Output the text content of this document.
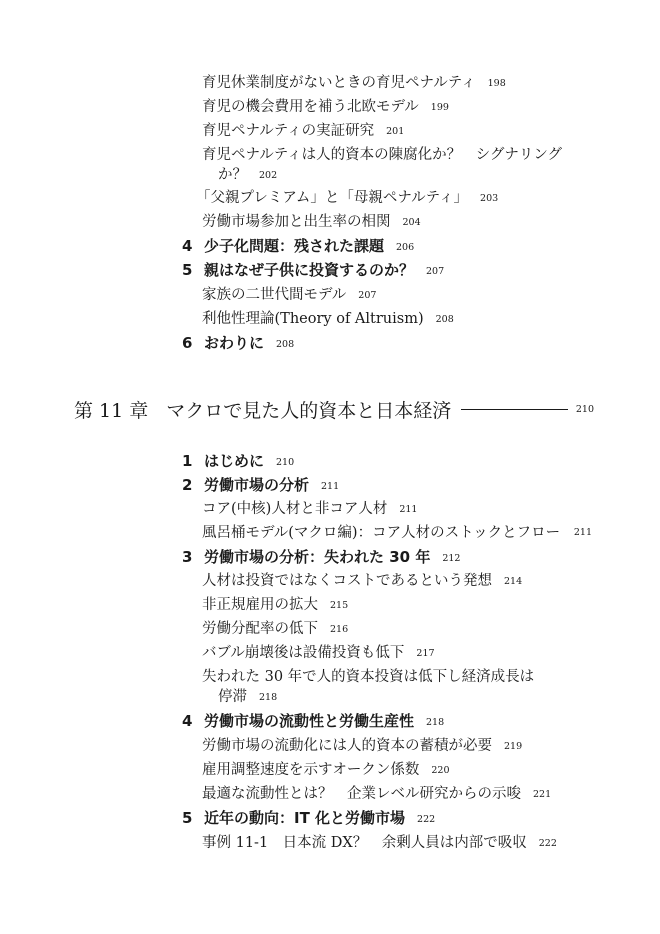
育児休業制度がないときの育児ペナルティ 198
育児の機会費用を補う北欧モデル 199
育児ペナルティの実証研究 201
育児ペナルティは人的資本の陳腐化か？　シグナリング
か？ 202
「父親プレミアム」と「母親ペナルティ」 203
労働市場参加と出生率の相関 204
4 少子化問題：残された課題 206
5 親はなぜ子供に投資するのか？ 207
家族の二世代間モデル 207
利他性理論(Theory of Altruism) 208
6 おわりに 208
第 11 章 マクロで見た人的資本と日本経済	210
1 はじめに 210
2 労働市場の分析 211
コア(中核)人材と非コア人材 211
風呂桶モデル(マクロ編)：コア人材のストックとフロー 211
3 労働市場の分析：失われた 30 年 212
人材は投資ではなくコストであるという発想 214
非正規雇用の拡大 215
労働分配率の低下 216
バブル崩壊後は設備投資も低下 217
失われた 30 年で人的資本投資は低下し経済成長は
停滞 218
4 労働市場の流動性と労働生産性 218
労働市場の流動化には人的資本の蓄積が必要 219
雇用調整速度を示すオークン係数 220
最適な流動性とは？　企業レベル研究からの示唆 221
5 近年の動向：IT 化と労働市場 222
事例 11-1　日本流 DX？　余剰人員は内部で吸収 222
